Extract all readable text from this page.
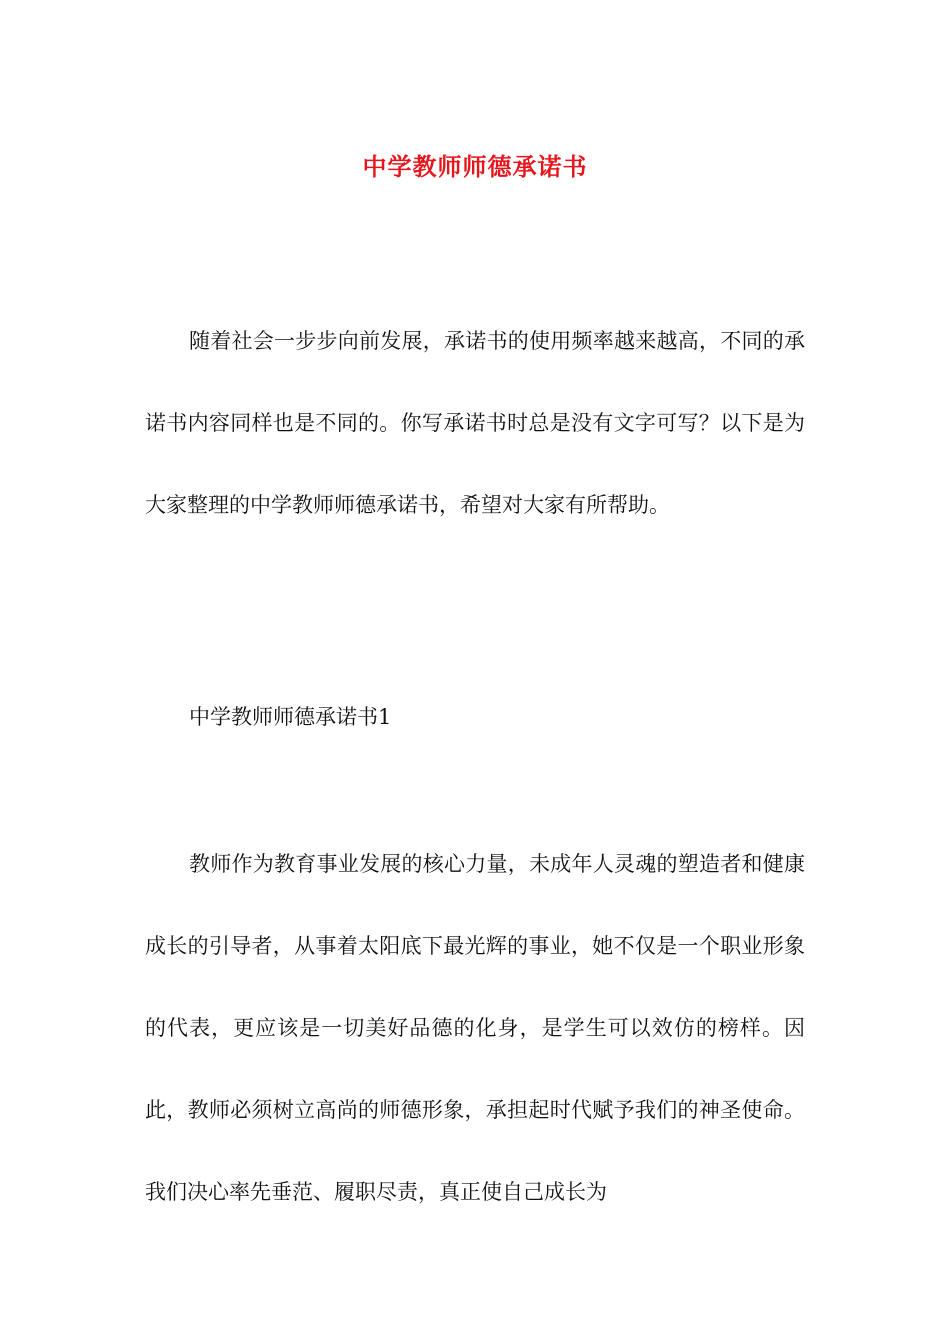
中学教师师德承诺书

随着社会一步步向前发展，承诺书的使用频率越来越高，不同的承诺书内容同样也是不同的。你写承诺书时总是没有文字可写？以下是为大家整理的中学教师师德承诺书，希望对大家有所帮助。

中学教师师德承诺书1

教师作为教育事业发展的核心力量，未成年人灵魂的塑造者和健康成长的引导者，从事着太阳底下最光辉的事业，她不仅是一个职业形象的代表，更应该是一切美好品德的化身，是学生可以效仿的榜样。因此，教师必须树立高尚的师德形象，承担起时代赋予我们的神圣使命。我们决心率先垂范、履职尽责，真正使自己成长为
